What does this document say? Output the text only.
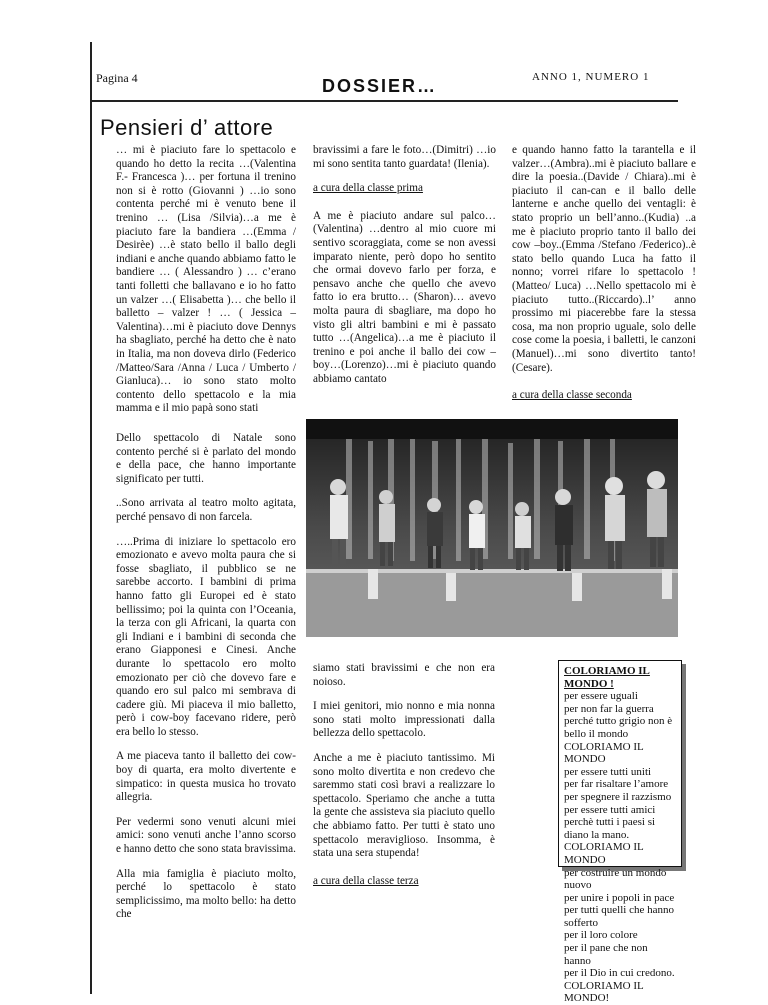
Pagina 4	DOSSIER…	ANNO 1, NUMERO 1
Pensieri d’ attore

… mi è piaciuto fare lo spettacolo e quando ho detto la recita …(Valentina F.- Francesca )… per fortuna il trenino non si è rotto (Giovanni ) …io sono contenta perché mi è venuto bene il trenino … (Lisa /Silvia)…a me è piaciuto fare la bandiera …(Emma / Desirèe) …è stato bello il ballo degli indiani e anche quando abbiamo fatto le bandiere … ( Alessandro ) … c’erano tanti folletti che ballavano e io ho fatto un valzer …( Elisabetta )… che bello il balletto – valzer ! … ( Jessica – Valentina)…mi è piaciuto dove Dennys ha sbagliato, perché ha detto che è nato in Italia, ma non doveva dirlo (Federico /Matteo/Sara /Anna / Luca / Umberto / Gianluca)… io sono stato molto contento dello spettacolo e la mia mamma e il mio papà sono stati

bravissimi a fare le foto…(Dimitri) …io mi sono sentita tanto guardata! (Ilenia).

a cura della classe prima

A me è piaciuto andare sul palco…(Valentina) …dentro al mio cuore mi sentivo scoraggiata, come se non avessi imparato niente, però dopo ho sentito che ormai dovevo farlo per forza, e pensavo anche che quello che avevo fatto io era brutto… (Sharon)… avevo molta paura di sbagliare, ma dopo ho visto gli altri bambini e mi è passato tutto …(Angelica)…a me è piaciuto il trenino e poi anche il ballo dei cow –boy…(Lorenzo)…mi è piaciuto quando abbiamo cantato

e quando hanno fatto la tarantella e il valzer…(Ambra)..mi è piaciuto ballare e dire la poesia..(Davide / Chiara)..mi è piaciuto il can-can e il ballo delle lanterne e anche quello dei ventagli: è stato proprio un bell’anno..(Kudia) ..a me è piaciuto proprio tanto il ballo dei cow –boy..(Emma /Stefano /Federico)..è stato bello quando Luca ha fatto il nonno; vorrei rifare lo spettacolo ! (Matteo/ Luca) …Nello spettacolo mi è piaciuto tutto..(Riccardo)..l’ anno prossimo mi piacerebbe fare la stessa cosa, ma non proprio uguale, solo delle cose come la poesia, i balletti, le canzoni (Manuel)…mi sono divertito tanto! (Cesare).

a cura della classe seconda

Dello spettacolo di Natale sono contento perché si è parlato del mondo e della pace, che hanno importante significato per tutti.

..Sono arrivata al teatro molto agitata, perché pensavo di non farcela.

…..Prima di iniziare lo spettacolo ero emozionato e avevo molta paura che si fosse sbagliato, il pubblico se ne sarebbe accorto. I bambini di prima hanno fatto gli Europei ed è stato bellissimo; poi la quinta con l’Oceania, la terza con gli Africani, la quarta con gli Indiani e i bambini di seconda che erano Giapponesi e Cinesi. Anche durante lo spettacolo ero molto emozionato per ciò che dovevo fare e quando ero sul palco mi sembrava di cadere giù. Mi piaceva il mio balletto, però i cow-boy facevano ridere, però era bello lo stesso.

A me piaceva tanto il balletto dei cow-boy di quarta, era molto divertente e simpatico: in questa musica ho trovato allegria.

Per vedermi sono venuti alcuni miei amici: sono venuti anche l’anno scorso e hanno detto che sono stata bravissima.

Alla mia famiglia è piaciuto molto, perché lo spettacolo è stato semplicissimo, ma molto bello: ha detto che

siamo stati bravissimi e che non era noioso.

I miei genitori, mio nonno e mia nonna sono stati molto impressionati dalla bellezza dello spettacolo.

Anche a me è piaciuto tantissimo. Mi sono molto divertita e non credevo che saremmo stati così bravi a realizzare lo spettacolo. Speriamo che anche a tutta la gente che assisteva sia piaciuto quello che abbiamo fatto. Per tutti è stato uno spettacolo meraviglioso. Insomma, è stata una sera stupenda!

a cura della classe terza
COLORIAMO IL MONDO !
per essere uguali
per non far la guerra
perché tutto grigio non è bello il mondo
COLORIAMO IL MONDO
per essere tutti uniti
per far risaltare l’amore
per spegnere il razzismo
per essere tutti amici
perchè tutti i paesi si diano la mano.
COLORIAMO IL MONDO
per costruire un mondo nuovo
per unire i popoli in pace
per tutti quelli che hanno sofferto
per il loro colore
per il pane che non hanno
per il Dio in cui credono.
COLORIAMO IL MONDO!
